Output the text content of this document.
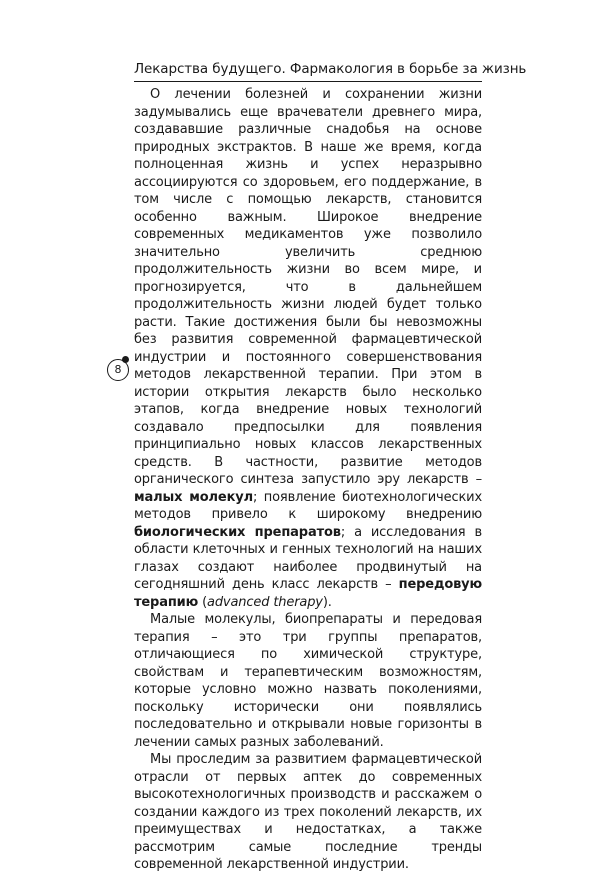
Лекарства будущего. Фармакология в борьбе за жизнь
8

О лечении болезней и сохранении жизни задумывались еще врачеватели древнего мира, создававшие различные снадобья на основе природных экстрактов. В наше же время, когда полноценная жизнь и успех неразрывно ассоциируются со здоровьем, его поддержание, в том числе с помощью лекарств, становится особенно важным. Широкое внедрение современных медикаментов уже позволило значительно увеличить среднюю продолжительность жизни во всем мире, и прогнозируется, что в дальнейшем продолжительность жизни людей будет только расти. Такие достижения были бы невозможны без развития современной фармацевтической индустрии и постоянного совершенствования методов лекарственной терапии. При этом в истории открытия лекарств было несколько этапов, когда внедрение новых технологий создавало предпосылки для появления принципиально новых классов лекарственных средств. В частности, развитие методов органического синтеза запустило эру лекарств – малых молекул; появление биотехнологических методов привело к широкому внедрению биологических препаратов; а исследования в области клеточных и генных технологий на наших глазах создают наиболее продвинутый на сегодняшний день класс лекарств – передовую терапию (advanced therapy).

Малые молекулы, биопрепараты и передовая терапия – это три группы препаратов, отличающиеся по химической структуре, свойствам и терапевтическим возможностям, которые условно можно назвать поколениями, поскольку исторически они появлялись последовательно и открывали новые горизонты в лечении самых разных заболеваний.

Мы проследим за развитием фармацевтической отрасли от первых аптек до современных высокотехнологичных производств и расскажем о создании каждого из трех поколений лекарств, их преимуществах и недостатках, а также рассмотрим самые последние тренды современной лекарственной индустрии.
